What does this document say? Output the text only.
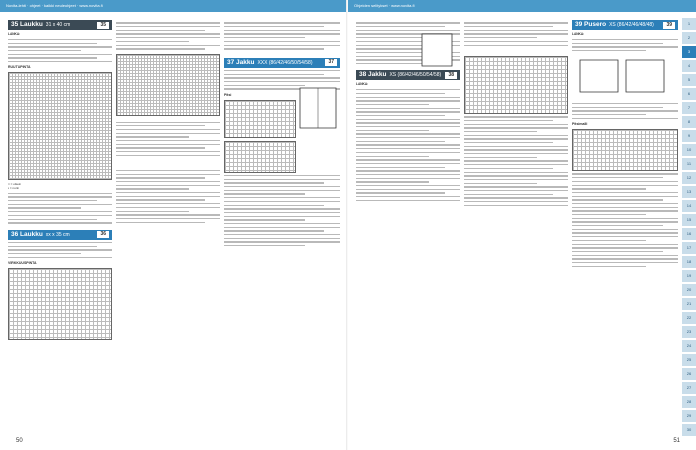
Novita-lehti · ohjeet · kaikki neuleohjeet · www.novita.fi
35 Laukku 31 x 40 cm	35
LANKA:
RUUTUPINTA
□ = oikein
▪ = nurin
36 Laukku xx x 35 cm	36
VIRKKUUSPINTA
37 Jakku XXX (86/42/46/50/54/58)	37
Pitsi
50
Ohjeiden selitykset · www.novita.fi
38 Jakku XS (86/42/46/50/54/58)	38
LANKA:
39 Pusero XS (86/42/46/48/48)	39
LANKA:
Pitsimalli
1
2
3
4
5
6
7
8
9
10
11
12
13
14
15
16
17
18
19
20
21
22
23
24
25
26
27
28
29
30
51
